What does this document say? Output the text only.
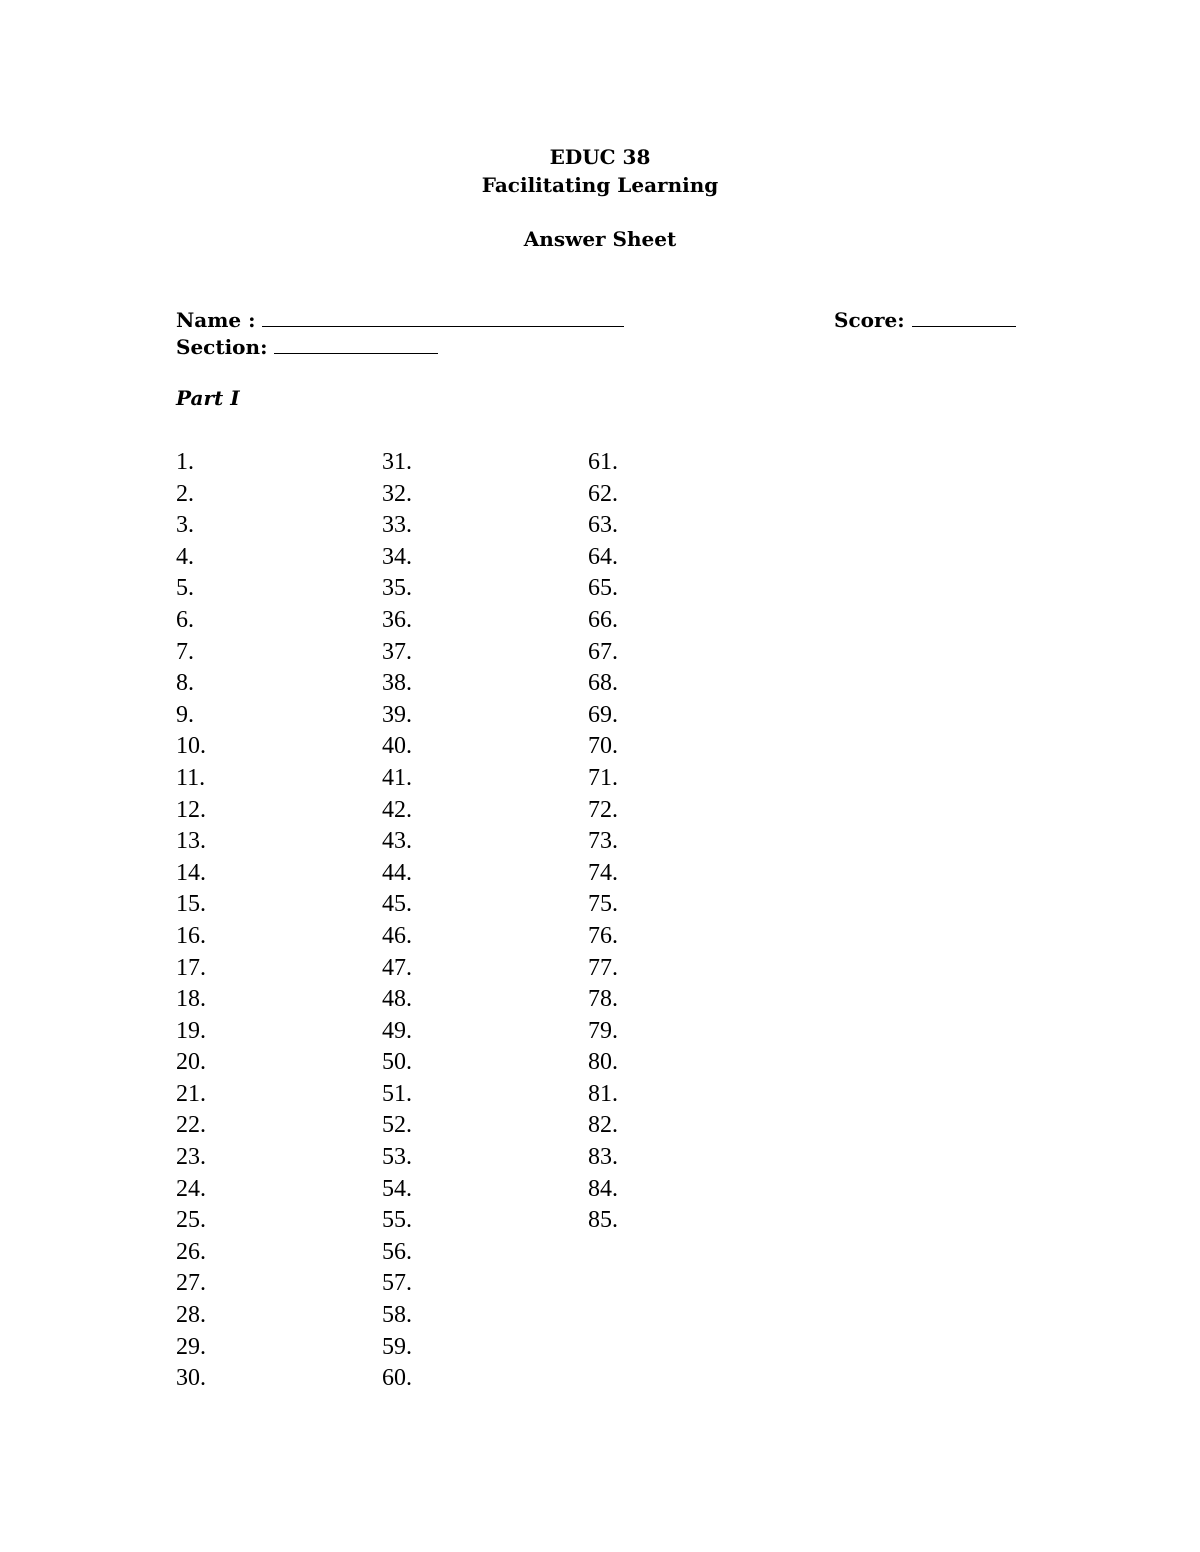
EDUC 38
Facilitating Learning
Answer Sheet
Name :	Score:
Section:
Part I
1.
2.
3.
4.
5.
6.
7.
8.
9.
10.
11.
12.
13.
14.
15.
16.
17.
18.
19.
20.
21.
22.
23.
24.
25.
26.
27.
28.
29.
30.
31.
32.
33.
34.
35.
36.
37.
38.
39.
40.
41.
42.
43.
44.
45.
46.
47.
48.
49.
50.
51.
52.
53.
54.
55.
56.
57.
58.
59.
60.
61.
62.
63.
64.
65.
66.
67.
68.
69.
70.
71.
72.
73.
74.
75.
76.
77.
78.
79.
80.
81.
82.
83.
84.
85.
